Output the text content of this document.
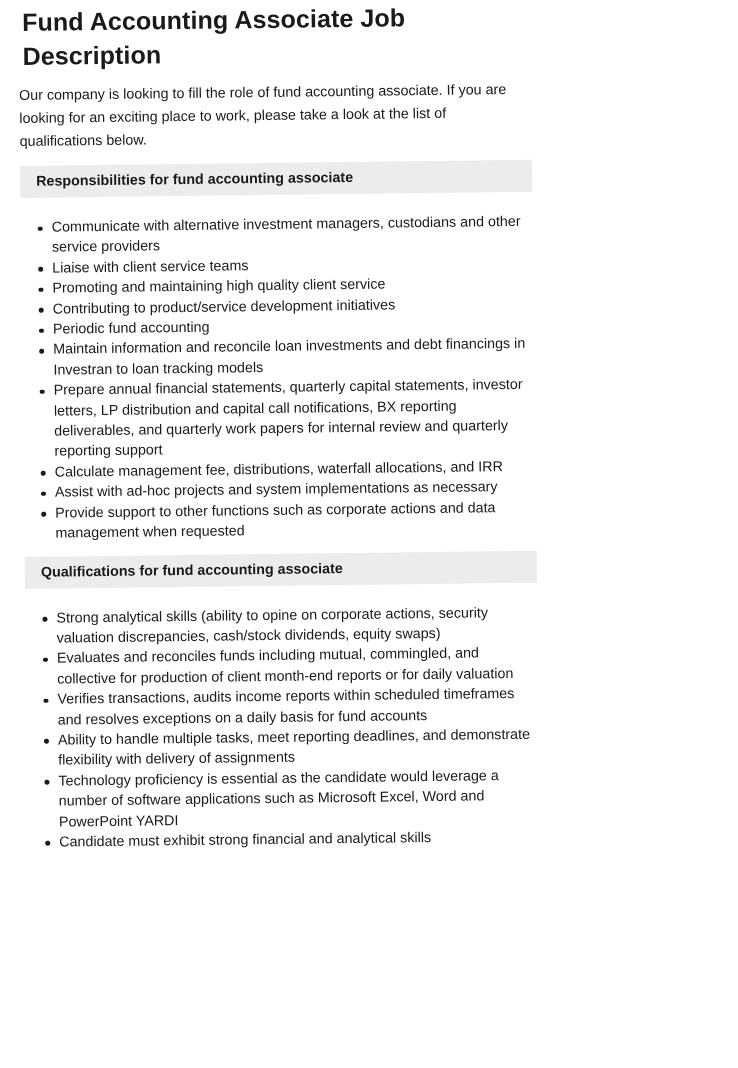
Fund Accounting Associate Job Description

Our company is looking to fill the role of fund accounting associate. If you are looking for an exciting place to work, please take a look at the list of qualifications below.

Responsibilities for fund accounting associate
Communicate with alternative investment managers, custodians and other service providers
Liaise with client service teams
Promoting and maintaining high quality client service
Contributing to product/service development initiatives
Periodic fund accounting
Maintain information and reconcile loan investments and debt financings in Investran to loan tracking models
Prepare annual financial statements, quarterly capital statements, investor letters, LP distribution and capital call notifications, BX reporting deliverables, and quarterly work papers for internal review and quarterly reporting support
Calculate management fee, distributions, waterfall allocations, and IRR
Assist with ad-hoc projects and system implementations as necessary
Provide support to other functions such as corporate actions and data management when requested
Qualifications for fund accounting associate
Strong analytical skills (ability to opine on corporate actions, security valuation discrepancies, cash/stock dividends, equity swaps)
Evaluates and reconciles funds including mutual, commingled, and collective for production of client month-end reports or for daily valuation
Verifies transactions, audits income reports within scheduled timeframes and resolves exceptions on a daily basis for fund accounts
Ability to handle multiple tasks, meet reporting deadlines, and demonstrate flexibility with delivery of assignments
Technology proficiency is essential as the candidate would leverage a number of software applications such as Microsoft Excel, Word and PowerPoint YARDI
Candidate must exhibit strong financial and analytical skills
